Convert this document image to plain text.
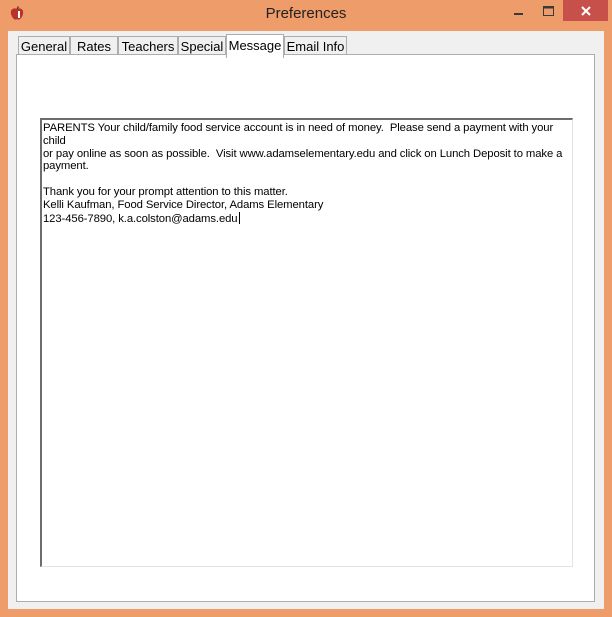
Preferences
General Rates Teachers Special Message Email Info
PARENTS Your child/family food service account is in need of money.  Please send a payment with your child
or pay online as soon as possible.  Visit www.adamselementary.edu and click on Lunch Deposit to make a
payment.
Thank you for your prompt attention to this matter.
Kelli Kaufman, Food Service Director, Adams Elementary
123-456-7890, k.a.colston@adams.edu
